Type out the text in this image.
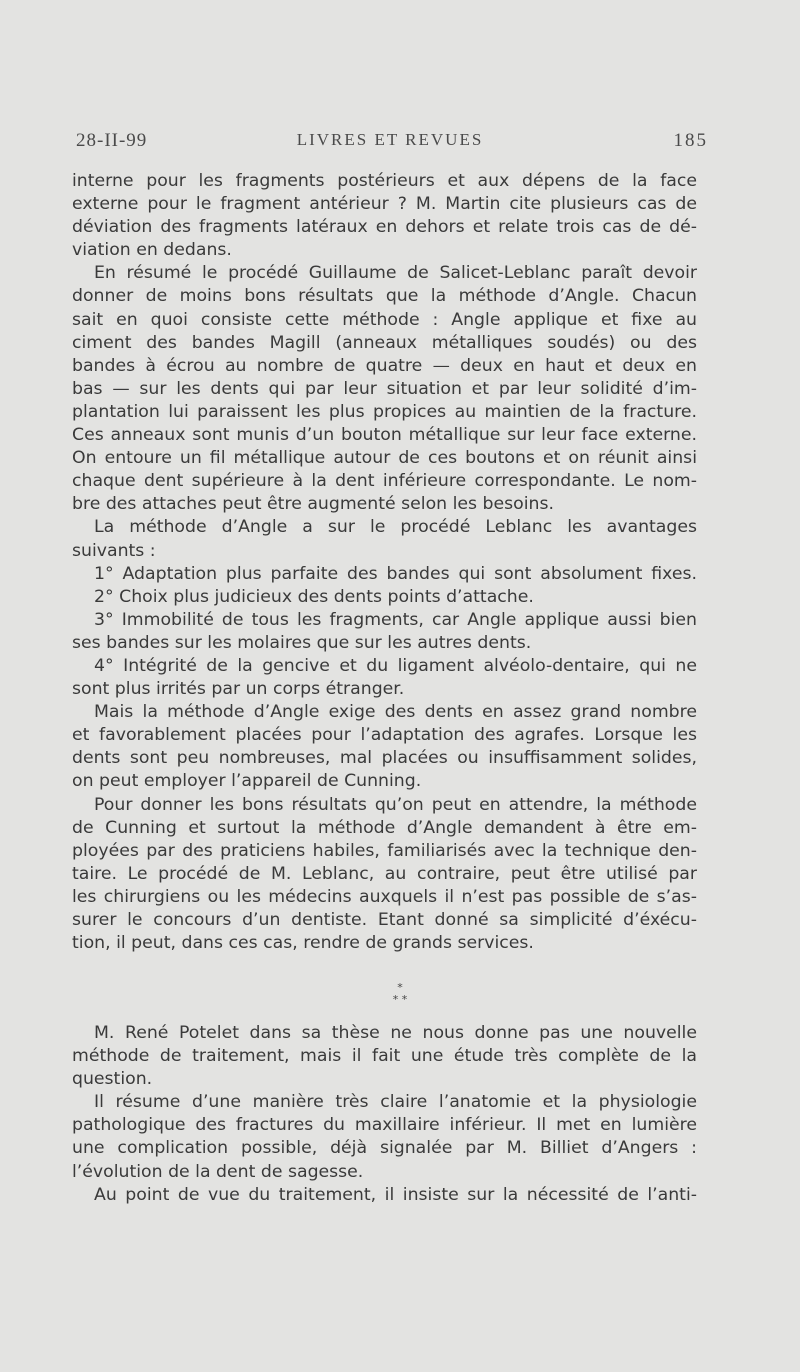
28-II-99	LIVRES ET REVUES	185
interne pour les fragments postérieurs et aux dépens de la face
externe pour le fragment antérieur ? M. Martin cite plusieurs cas de
déviation des fragments latéraux en dehors et relate trois cas de dé-
viation en dedans.
En résumé le procédé Guillaume de Salicet-Leblanc paraît devoir
donner de moins bons résultats que la méthode d’Angle. Chacun
sait en quoi consiste cette méthode : Angle applique et fixe au
ciment des bandes Magill (anneaux métalliques soudés) ou des
bandes à écrou au nombre de quatre — deux en haut et deux en
bas — sur les dents qui par leur situation et par leur solidité d’im-
plantation lui paraissent les plus propices au maintien de la fracture.
Ces anneaux sont munis d’un bouton métallique sur leur face externe.
On entoure un fil métallique autour de ces boutons et on réunit ainsi
chaque dent supérieure à la dent inférieure correspondante. Le nom-
bre des attaches peut être augmenté selon les besoins.
La méthode d’Angle a sur le procédé Leblanc les avantages
suivants :
1° Adaptation plus parfaite des bandes qui sont absolument fixes.
2° Choix plus judicieux des dents points d’attache.
3° Immobilité de tous les fragments, car Angle applique aussi bien
ses bandes sur les molaires que sur les autres dents.
4° Intégrité de la gencive et du ligament alvéolo-dentaire, qui ne
sont plus irrités par un corps étranger.
Mais la méthode d’Angle exige des dents en assez grand nombre
et favorablement placées pour l’adaptation des agrafes. Lorsque les
dents sont peu nombreuses, mal placées ou insuffisamment solides,
on peut employer l’appareil de Cunning.
Pour donner les bons résultats qu’on peut en attendre, la méthode
de Cunning et surtout la méthode d’Angle demandent à être em-
ployées par des praticiens habiles, familiarisés avec la technique den-
taire. Le procédé de M. Leblanc, au contraire, peut être utilisé par
les chirurgiens ou les médecins auxquels il n’est pas possible de s’as-
surer le concours d’un dentiste. Etant donné sa simplicité d’éxécu-
tion, il peut, dans ces cas, rendre de grands services.
*
* *
M. René Potelet dans sa thèse ne nous donne pas une nouvelle
méthode de traitement, mais il fait une étude très complète de la
question.
Il résume d’une manière très claire l’anatomie et la physiologie
pathologique des fractures du maxillaire inférieur. Il met en lumière
une complication possible, déjà signalée par M. Billiet d’Angers :
l’évolution de la dent de sagesse.
Au point de vue du traitement, il insiste sur la nécessité de l’anti-
